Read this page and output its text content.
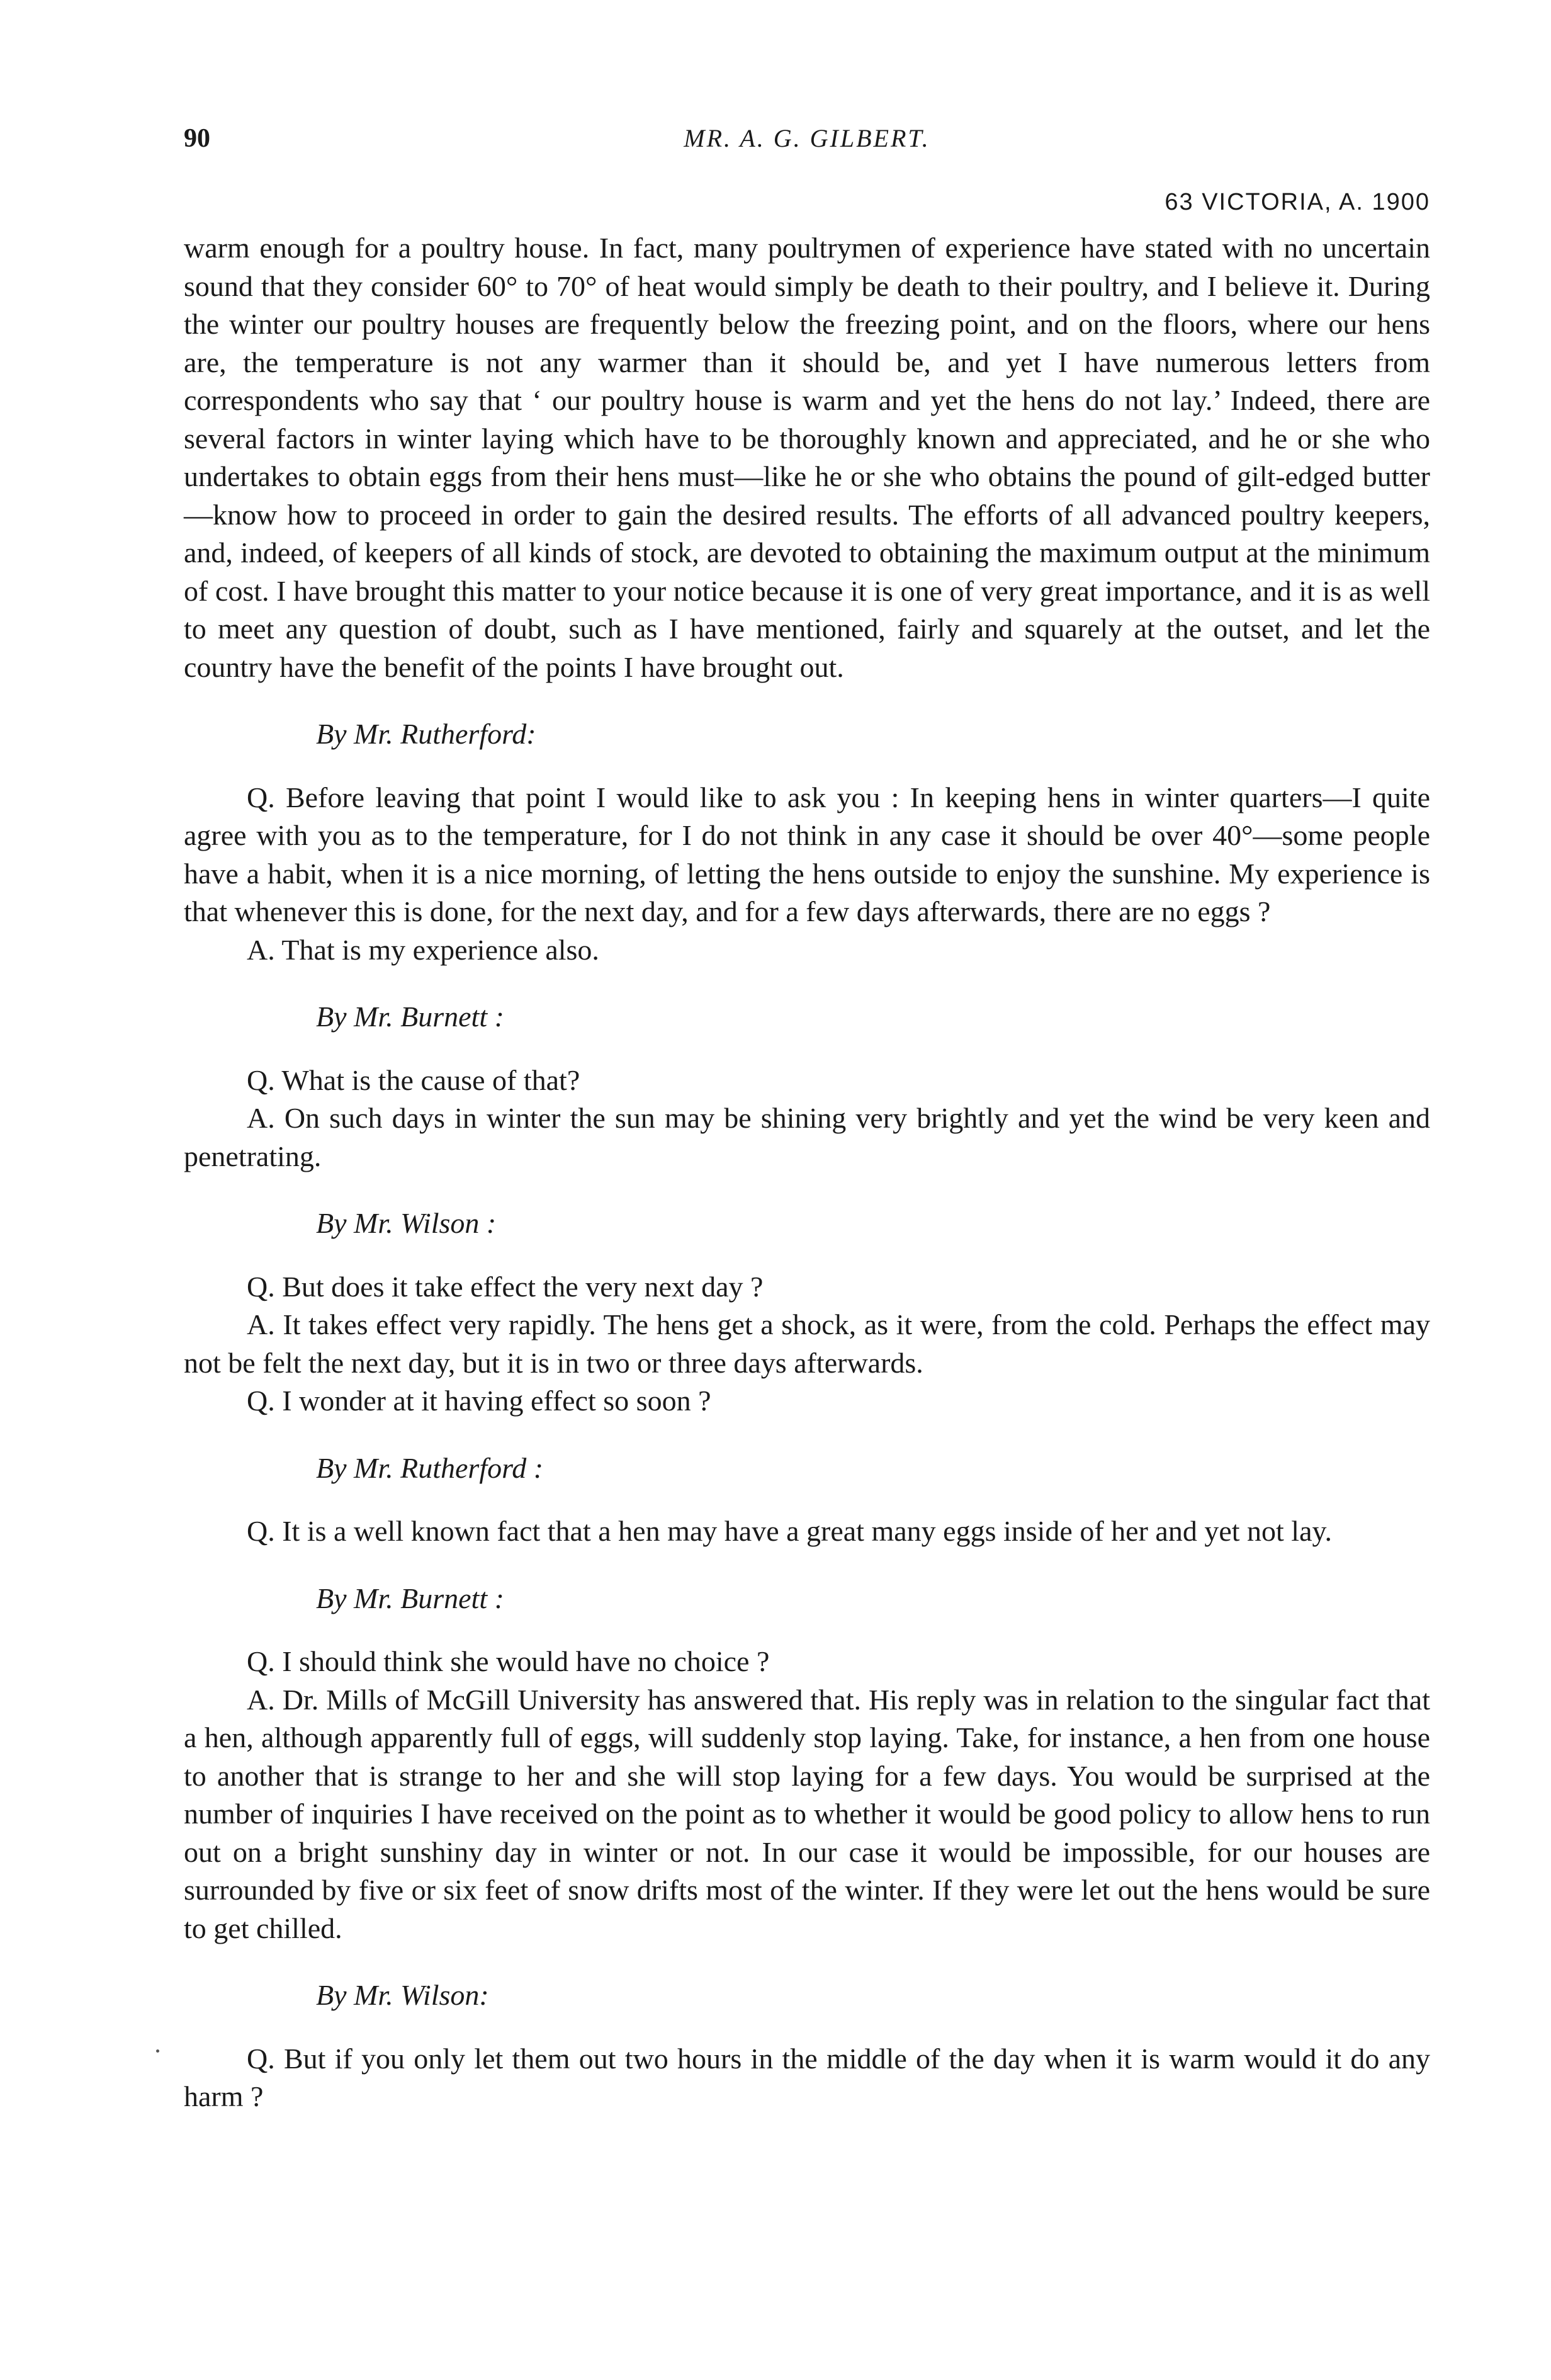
90	MR. A. G. GILBERT.
63 VICTORIA, A. 1900

warm enough for a poultry house. In fact, many poultrymen of experience have stated with no uncertain sound that they consider 60° to 70° of heat would simply be death to their poultry, and I believe it. During the winter our poultry houses are frequently below the freezing point, and on the floors, where our hens are, the temperature is not any warmer than it should be, and yet I have numerous letters from correspondents who say that ‘ our poultry house is warm and yet the hens do not lay.’ Indeed, there are several factors in winter laying which have to be thoroughly known and appreciated, and he or she who undertakes to obtain eggs from their hens must—like he or she who obtains the pound of gilt-edged butter—know how to proceed in order to gain the desired results. The efforts of all advanced poultry keepers, and, indeed, of keepers of all kinds of stock, are devoted to obtaining the maximum output at the minimum of cost. I have brought this matter to your notice because it is one of very great importance, and it is as well to meet any question of doubt, such as I have mentioned, fairly and squarely at the outset, and let the country have the benefit of the points I have brought out.

By Mr. Rutherford:

Q. Before leaving that point I would like to ask you : In keeping hens in winter quarters—I quite agree with you as to the temperature, for I do not think in any case it should be over 40°—some people have a habit, when it is a nice morning, of letting the hens outside to enjoy the sunshine. My experience is that whenever this is done, for the next day, and for a few days afterwards, there are no eggs ?

A. That is my experience also.

By Mr. Burnett :

Q. What is the cause of that?

A. On such days in winter the sun may be shining very brightly and yet the wind be very keen and penetrating.

By Mr. Wilson :

Q. But does it take effect the very next day ?

A. It takes effect very rapidly. The hens get a shock, as it were, from the cold. Perhaps the effect may not be felt the next day, but it is in two or three days afterwards.

Q. I wonder at it having effect so soon ?

By Mr. Rutherford :

Q. It is a well known fact that a hen may have a great many eggs inside of her and yet not lay.

By Mr. Burnett :

Q. I should think she would have no choice ?

A. Dr. Mills of McGill University has answered that. His reply was in relation to the singular fact that a hen, although apparently full of eggs, will suddenly stop laying. Take, for instance, a hen from one house to another that is strange to her and she will stop laying for a few days. You would be surprised at the number of inquiries I have received on the point as to whether it would be good policy to allow hens to run out on a bright sunshiny day in winter or not. In our case it would be impossible, for our houses are surrounded by five or six feet of snow drifts most of the winter. If they were let out the hens would be sure to get chilled.

By Mr. Wilson:

Q. But if you only let them out two hours in the middle of the day when it is warm would it do any harm ?
